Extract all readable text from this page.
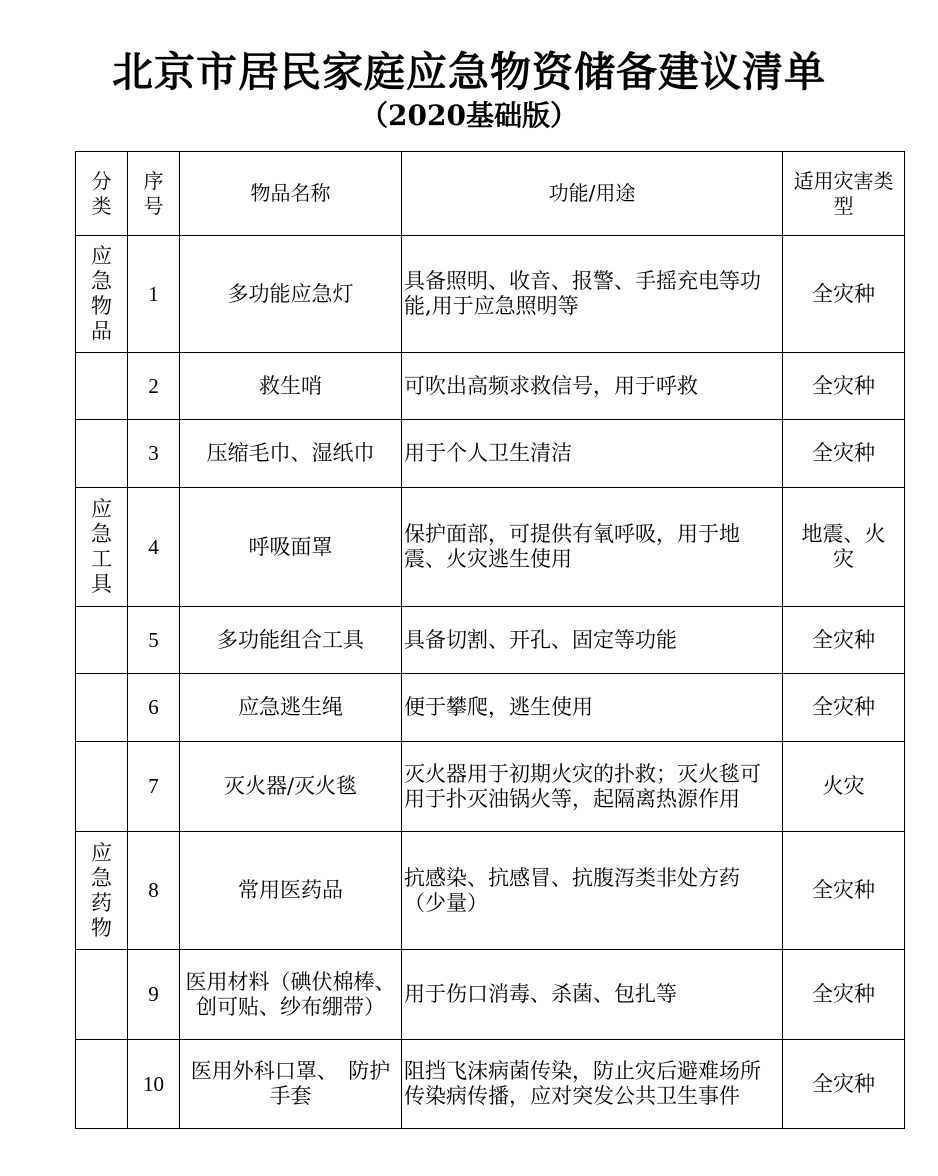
北京市居民家庭应急物资储备建议清单
（2020基础版）
分类	序号	物品名称	功能/用途	适用灾害类型
应急物品	1	多功能应急灯	具备照明、收音、报警、手摇充电等功能,用于应急照明等	全灾种
	2	救生哨	可吹出高频求救信号，用于呼救	全灾种
	3	压缩毛巾、湿纸巾	用于个人卫生清洁	全灾种
应急工具	4	呼吸面罩	保护面部，可提供有氧呼吸，用于地震、火灾逃生使用	地震、火灾
	5	多功能组合工具	具备切割、开孔、固定等功能	全灾种
	6	应急逃生绳	便于攀爬，逃生使用	全灾种
	7	灭火器/灭火毯	灭火器用于初期火灾的扑救；灭火毯可用于扑灭油锅火等，起隔离热源作用	火灾
应急药物	8	常用医药品	抗感染、抗感冒、抗腹泻类非处方药（少量）	全灾种
	9	医用材料（碘伏棉棒、创可贴、纱布绷带）	用于伤口消毒、杀菌、包扎等	全灾种
	10	医用外科口罩、　防护手套	阻挡飞沫病菌传染，防止灾后避难场所传染病传播，应对突发公共卫生事件	全灾种
